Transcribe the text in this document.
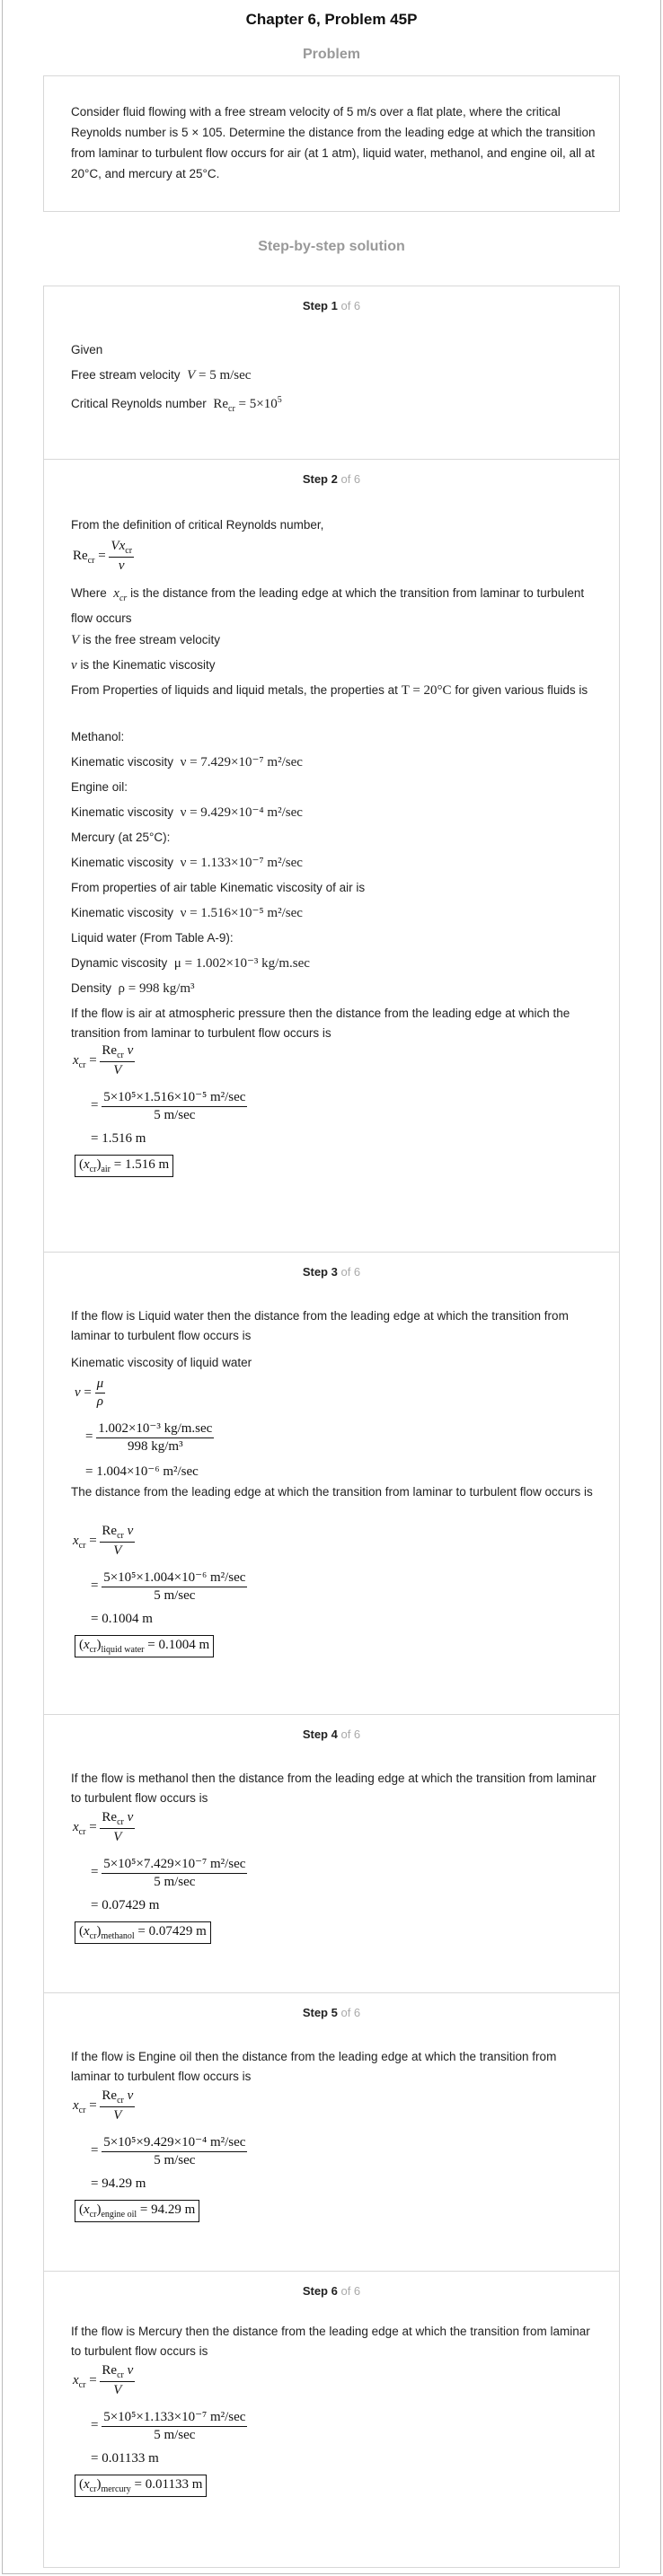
Chapter 6, Problem 45P
Problem
Consider fluid flowing with a free stream velocity of 5 m/s over a flat plate, where the critical Reynolds number is 5 × 105. Determine the distance from the leading edge at which the transition from laminar to turbulent flow occurs for air (at 1 atm), liquid water, methanol, and engine oil, all at 20°C, and mercury at 25°C.
Step-by-step solution
Step 1 of 6
Given
Free stream velocity V = 5 m/sec
Critical Reynolds number $Re_{cr} = 5\times 10^5$
Step 2 of 6
From the definition of critical Reynolds number,
$Re_{cr} = \frac{Vx_{cr}}{\nu}$
Where $x_{cr}$ is the distance from the leading edge at which the transition from laminar to turbulent flow occurs
V is the free stream velocity
ν is the Kinematic viscosity
From Properties of liquids and liquid metals, the properties at T = 20°C for given various fluids is
Methanol:
Kinematic viscosity ν = 7.429×10⁻⁷ m²/sec
Engine oil:
Kinematic viscosity ν = 9.429×10⁻⁴ m²/sec
Mercury (at 25°C):
Kinematic viscosity ν = 1.133×10⁻⁷ m²/sec
From properties of air table Kinematic viscosity of air is
Kinematic viscosity ν = 1.516×10⁻⁵ m²/sec
Liquid water (From Table A-9):
Dynamic viscosity μ = 1.002×10⁻³ kg/m.sec
Density ρ = 998 kg/m³
If the flow is air at atmospheric pressure then the distance from the leading edge at which the transition from laminar to turbulent flow occurs is
$x_{cr} = \frac{Re_{cr} \nu}{V}$
= $\frac{\text{5×10⁵×1.516×10⁻⁵ m²/sec}}{5 m/\sec}$
= 1.516 m
$(x_{cr})_{air} = 1.516$ m
Step 3 of 6
If the flow is Liquid water then the distance from the leading edge at which the transition from laminar to turbulent flow occurs is
Kinematic viscosity of liquid water
$\nu = \frac{\mu}{\rho}$
= $\frac{\text{1.002×10⁻³ kg/m.sec}}{\text{998 kg/m³}}$
= 1.004×10⁻⁶ m²/sec
The distance from the leading edge at which the transition from laminar to turbulent flow occurs is
$x_{cr} = \frac{Re_{cr} \nu}{V}$
= $\frac{\text{5×10⁵×1.004×10⁻⁶ m²/sec}}{5 m/\sec}$
= 0.1004 m
$(x_{cr})_{liquid water} = 0.1004$ m
Step 4 of 6
If the flow is methanol then the distance from the leading edge at which the transition from laminar to turbulent flow occurs is
$x_{cr} = \frac{Re_{cr} \nu}{V}$
= $\frac{\text{5×10⁵×7.429×10⁻⁷ m²/sec}}{5 m/\sec}$
= 0.07429 m
$(x_{cr})_{methanol} = 0.07429$ m
Step 5 of 6
If the flow is Engine oil then the distance from the leading edge at which the transition from laminar to turbulent flow occurs is
$x_{cr} = \frac{Re_{cr} \nu}{V}$
= $\frac{\text{5×10⁵×9.429×10⁻⁴ m²/sec}}{5 m/\sec}$
= 94.29 m
$(x_{cr})_{engine oil} = 94.29$ m
Step 6 of 6
If the flow is Mercury then the distance from the leading edge at which the transition from laminar to turbulent flow occurs is
$x_{cr} = \frac{Re_{cr} \nu}{V}$
= $\frac{\text{5×10⁵×1.133×10⁻⁷ m²/sec}}{5 m/\sec}$
= 0.01133 m
$(x_{cr})_{mercury} = 0.01133$ m
